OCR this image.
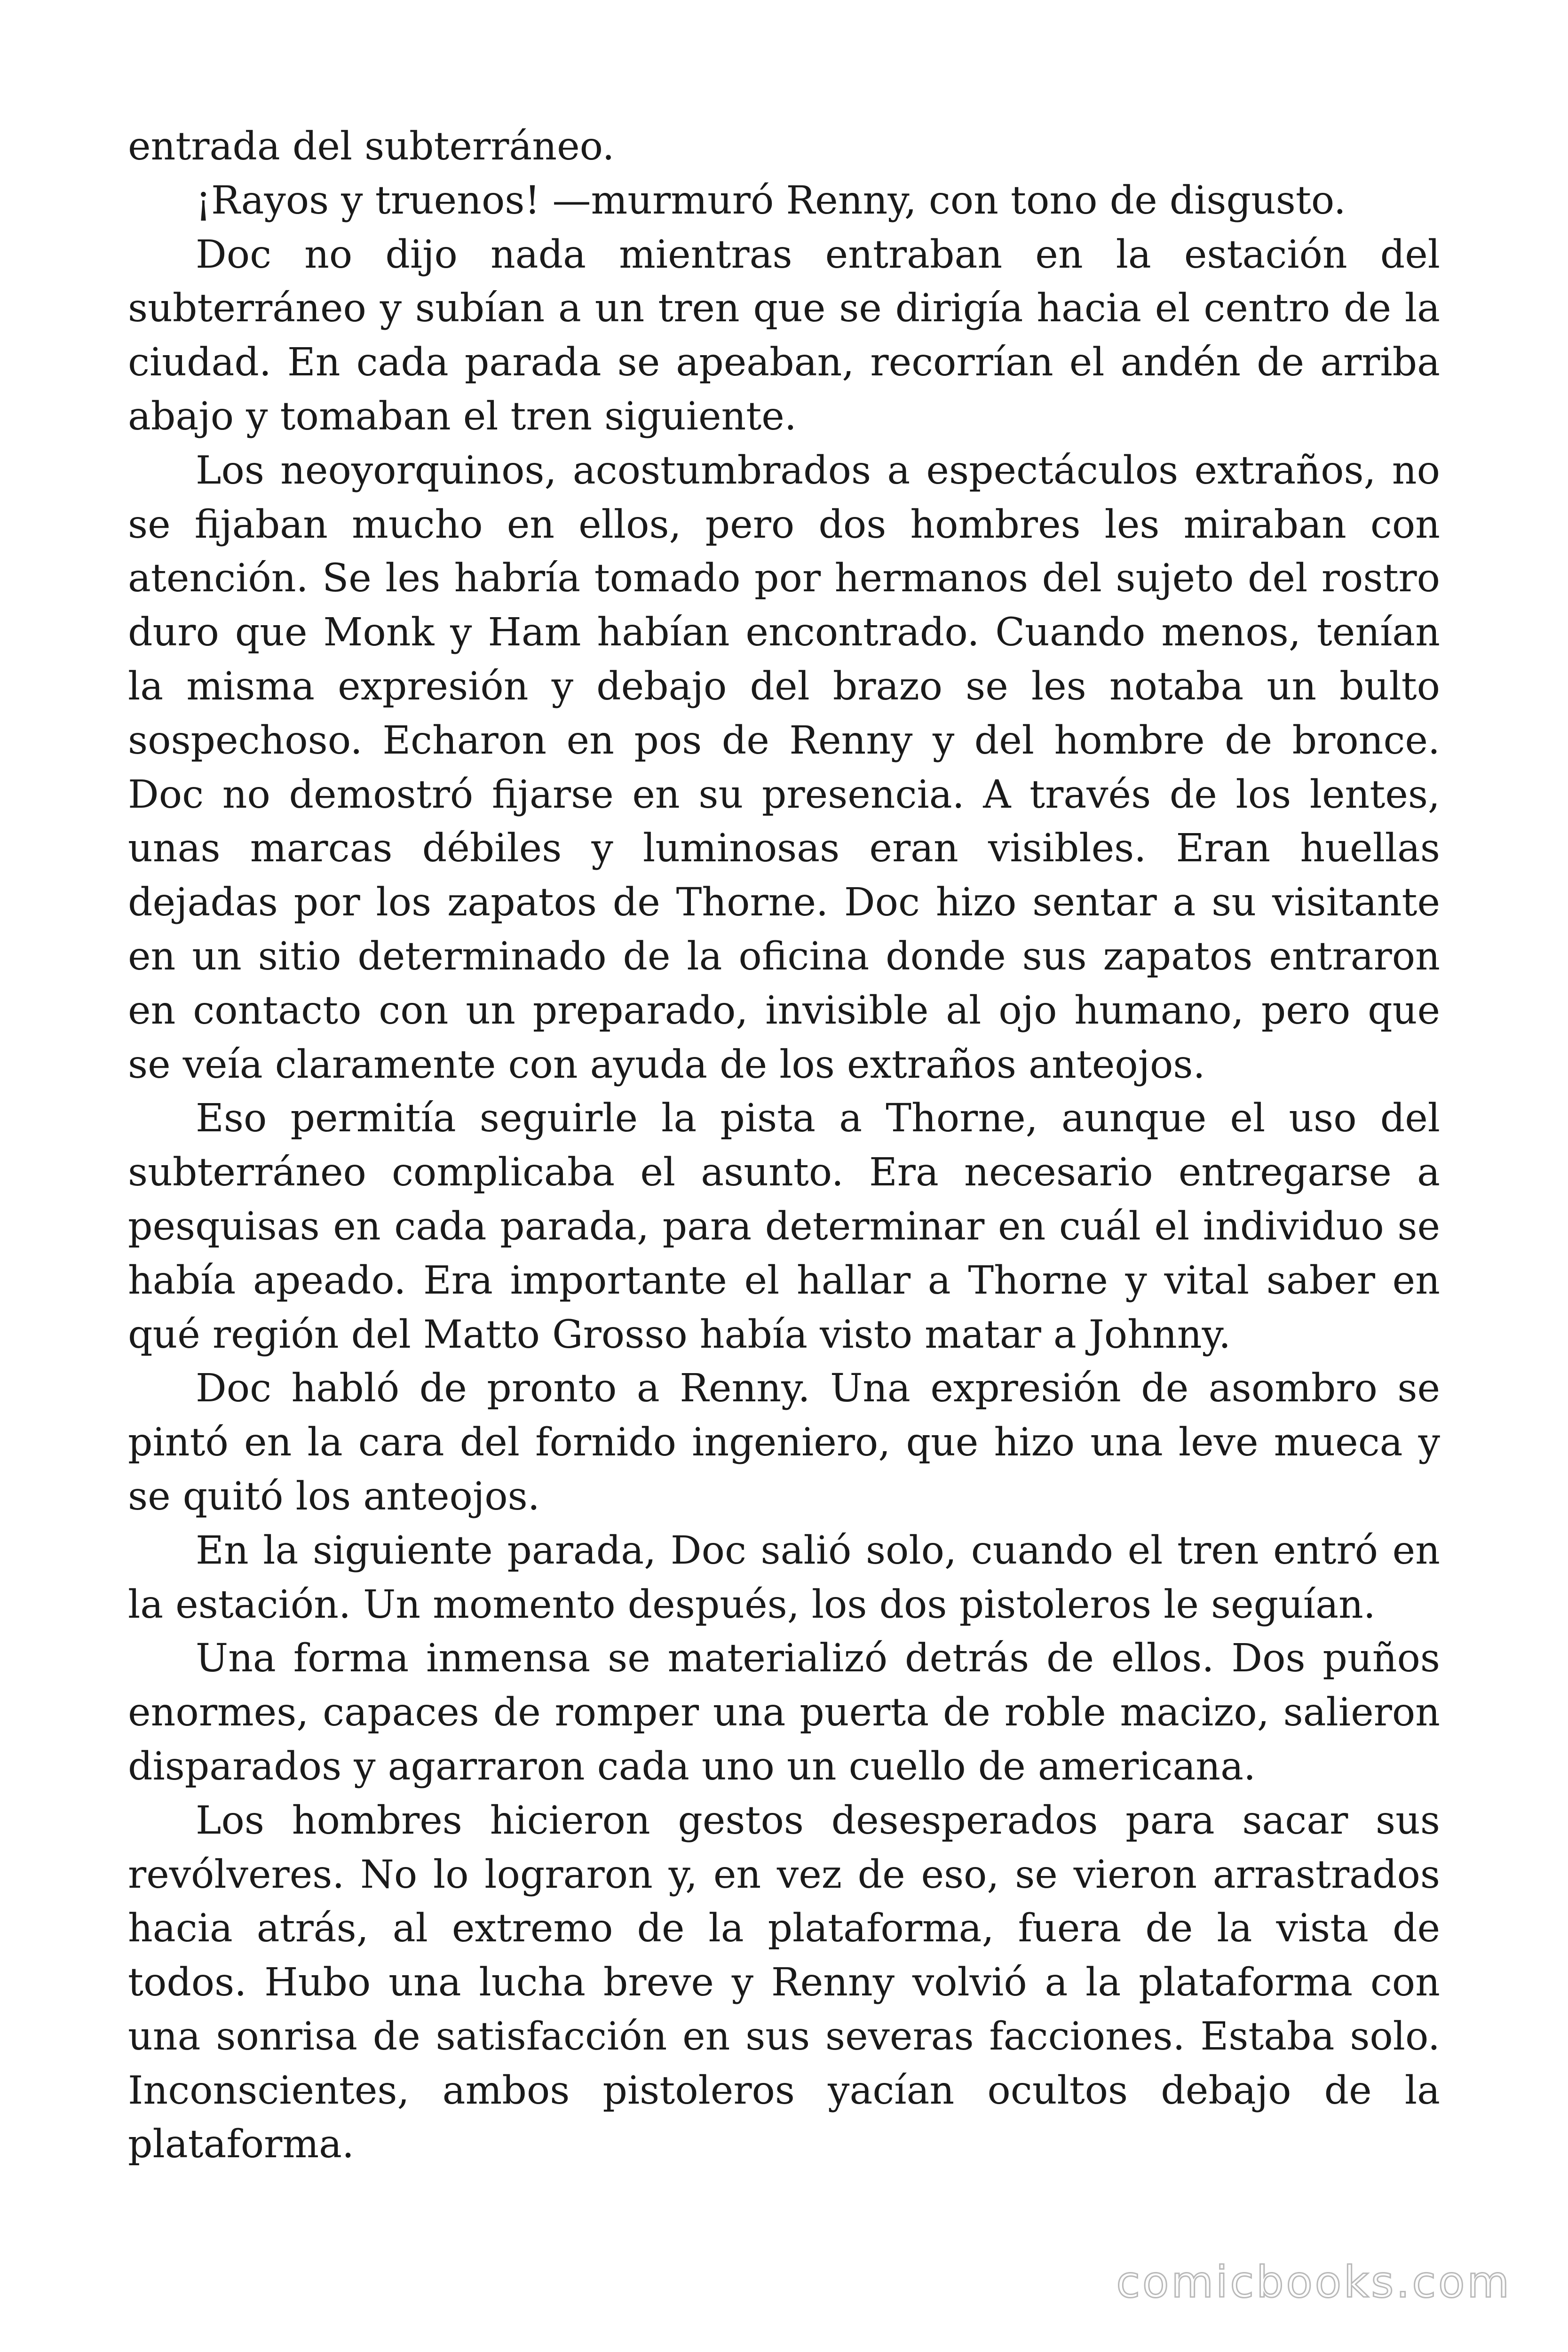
entrada del subterráneo.

¡Rayos y truenos! —murmuró Renny, con tono de disgusto.

Doc no dijo nada mientras entraban en la estación del subterráneo y subían a un tren que se dirigía hacia el centro de la ciudad. En cada parada se apeaban, recorrían el andén de arriba abajo y tomaban el tren siguiente.

Los neoyorquinos, acostumbrados a espectáculos extraños, no se fijaban mucho en ellos, pero dos hombres les miraban con atención. Se les habría tomado por hermanos del sujeto del rostro duro que Monk y Ham habían encontrado. Cuando menos, tenían la misma expresión y debajo del brazo se les notaba un bulto sospechoso. Echaron en pos de Renny y del hombre de bronce. Doc no demostró fijarse en su presencia. A través de los lentes, unas marcas débiles y luminosas eran visibles. Eran huellas dejadas por los zapatos de Thorne. Doc hizo sentar a su visitante en un sitio determinado de la oficina donde sus zapatos entraron en contacto con un preparado, invisible al ojo humano, pero que se veía claramente con ayuda de los extraños anteojos.

Eso permitía seguirle la pista a Thorne, aunque el uso del subterráneo complicaba el asunto. Era necesario entregarse a pesquisas en cada parada, para determinar en cuál el individuo se había apeado. Era importante el hallar a Thorne y vital saber en qué región del Matto Grosso había visto matar a Johnny.

Doc habló de pronto a Renny. Una expresión de asombro se pintó en la cara del fornido ingeniero, que hizo una leve mueca y se quitó los anteojos.

En la siguiente parada, Doc salió solo, cuando el tren entró en la estación. Un momento después, los dos pistoleros le seguían.

Una forma inmensa se materializó detrás de ellos. Dos puños enormes, capaces de romper una puerta de roble macizo, salieron disparados y agarraron cada uno un cuello de americana.

Los hombres hicieron gestos desesperados para sacar sus revólveres. No lo lograron y, en vez de eso, se vieron arrastrados hacia atrás, al extremo de la plataforma, fuera de la vista de todos. Hubo una lucha breve y Renny volvió a la plataforma con una sonrisa de satisfacción en sus severas facciones. Estaba solo. Inconscientes, ambos pistoleros yacían ocultos debajo de la plataforma.

comicbooks.com
